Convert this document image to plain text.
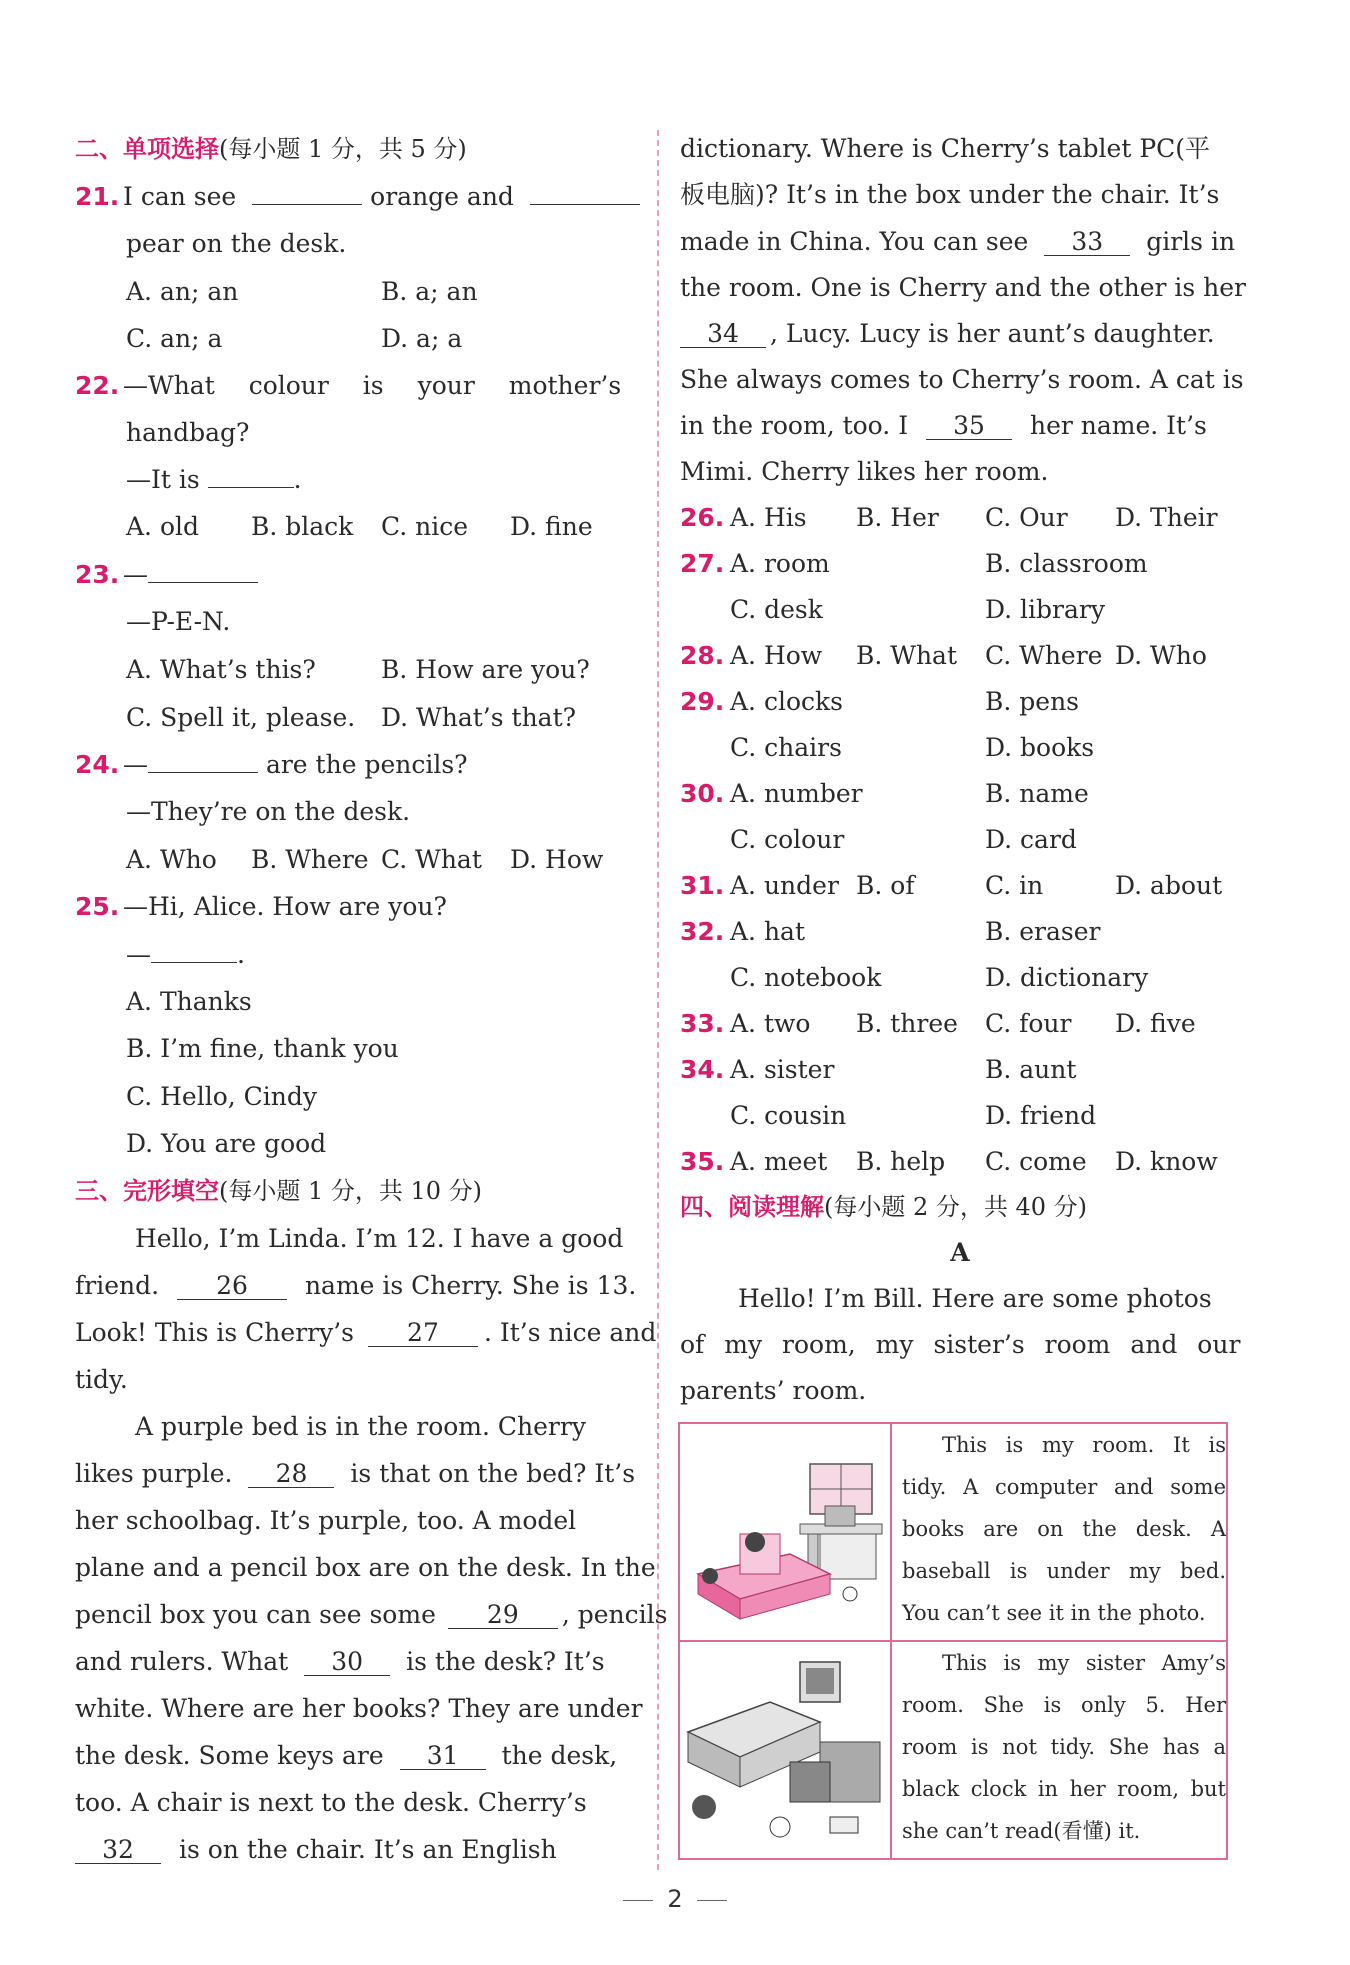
二、单项选择(每小题 1 分，共 5 分)
21. I can see	orange and
pear on the desk.
A. an; an	B. a; an
C. an; a	D. a; a
22. —What colour is your mother’s
handbag?
—It is	.
A. old B. black C. nice D. fine
23. —
—P-E-N.
A. What’s this?	B. How are you?
C. Spell it, please. D. What’s that?
24. —	are the pencils?
—They’re on the desk.
A. Who B. Where C. What D. How
25. —Hi, Alice. How are you?
—	.
A. Thanks
B. I’m fine, thank you
C. Hello, Cindy
D. You are good
三、完形填空(每小题 1 分，共 10 分)
Hello, I’m Linda. I’m 12. I have a good
friend. 26 name is Cherry. She is 13.
Look! This is Cherry’s 27 . It’s nice and
tidy.
A purple bed is in the room. Cherry
likes purple. 28 is that on the bed? It’s
her schoolbag. It’s purple, too. A model
plane and a pencil box are on the desk. In the
pencil box you can see some 29 , pencils
and rulers. What 30 is the desk? It’s
white. Where are her books? They are under
the desk. Some keys are 31 the desk,
too. A chair is next to the desk. Cherry’s
32 is on the chair. It’s an English
dictionary. Where is Cherry’s tablet PC(平
板电脑)? It’s in the box under the chair. It’s
made in China. You can see 33 girls in
the room. One is Cherry and the other is her
34 , Lucy. Lucy is her aunt’s daughter.
She always comes to Cherry’s room. A cat is
in the room, too. I 35 her name. It’s
Mimi. Cherry likes her room.
26. A. His B. Her C. Our D. Their
27. A. room	B. classroom
C. desk	D. library
28. A. How B. What C. Where D. Who
29. A. clocks	B. pens
C. chairs	D. books
30. A. number	B. name
C. colour	D. card
31. A. under B. of	C. in	D. about
32. A. hat	B. eraser
C. notebook	D. dictionary
33. A. two B. three C. four D. five
34. A. sister	B. aunt
C. cousin	D. friend
35. A. meet B. help C. come D. know
四、阅读理解(每小题 2 分，共 40 分)
A
Hello! I’m Bill. Here are some photos
of my room, my sister’s room and our
parents’ room.
This is my room. It is
tidy. A computer and some
books are on the desk. A
baseball is under my bed.
You can’t see it in the photo.
This is my sister Amy’s
room. She is only 5. Her
room is not tidy. She has a
black clock in her room, but
she can’t read(看懂) it.
2
